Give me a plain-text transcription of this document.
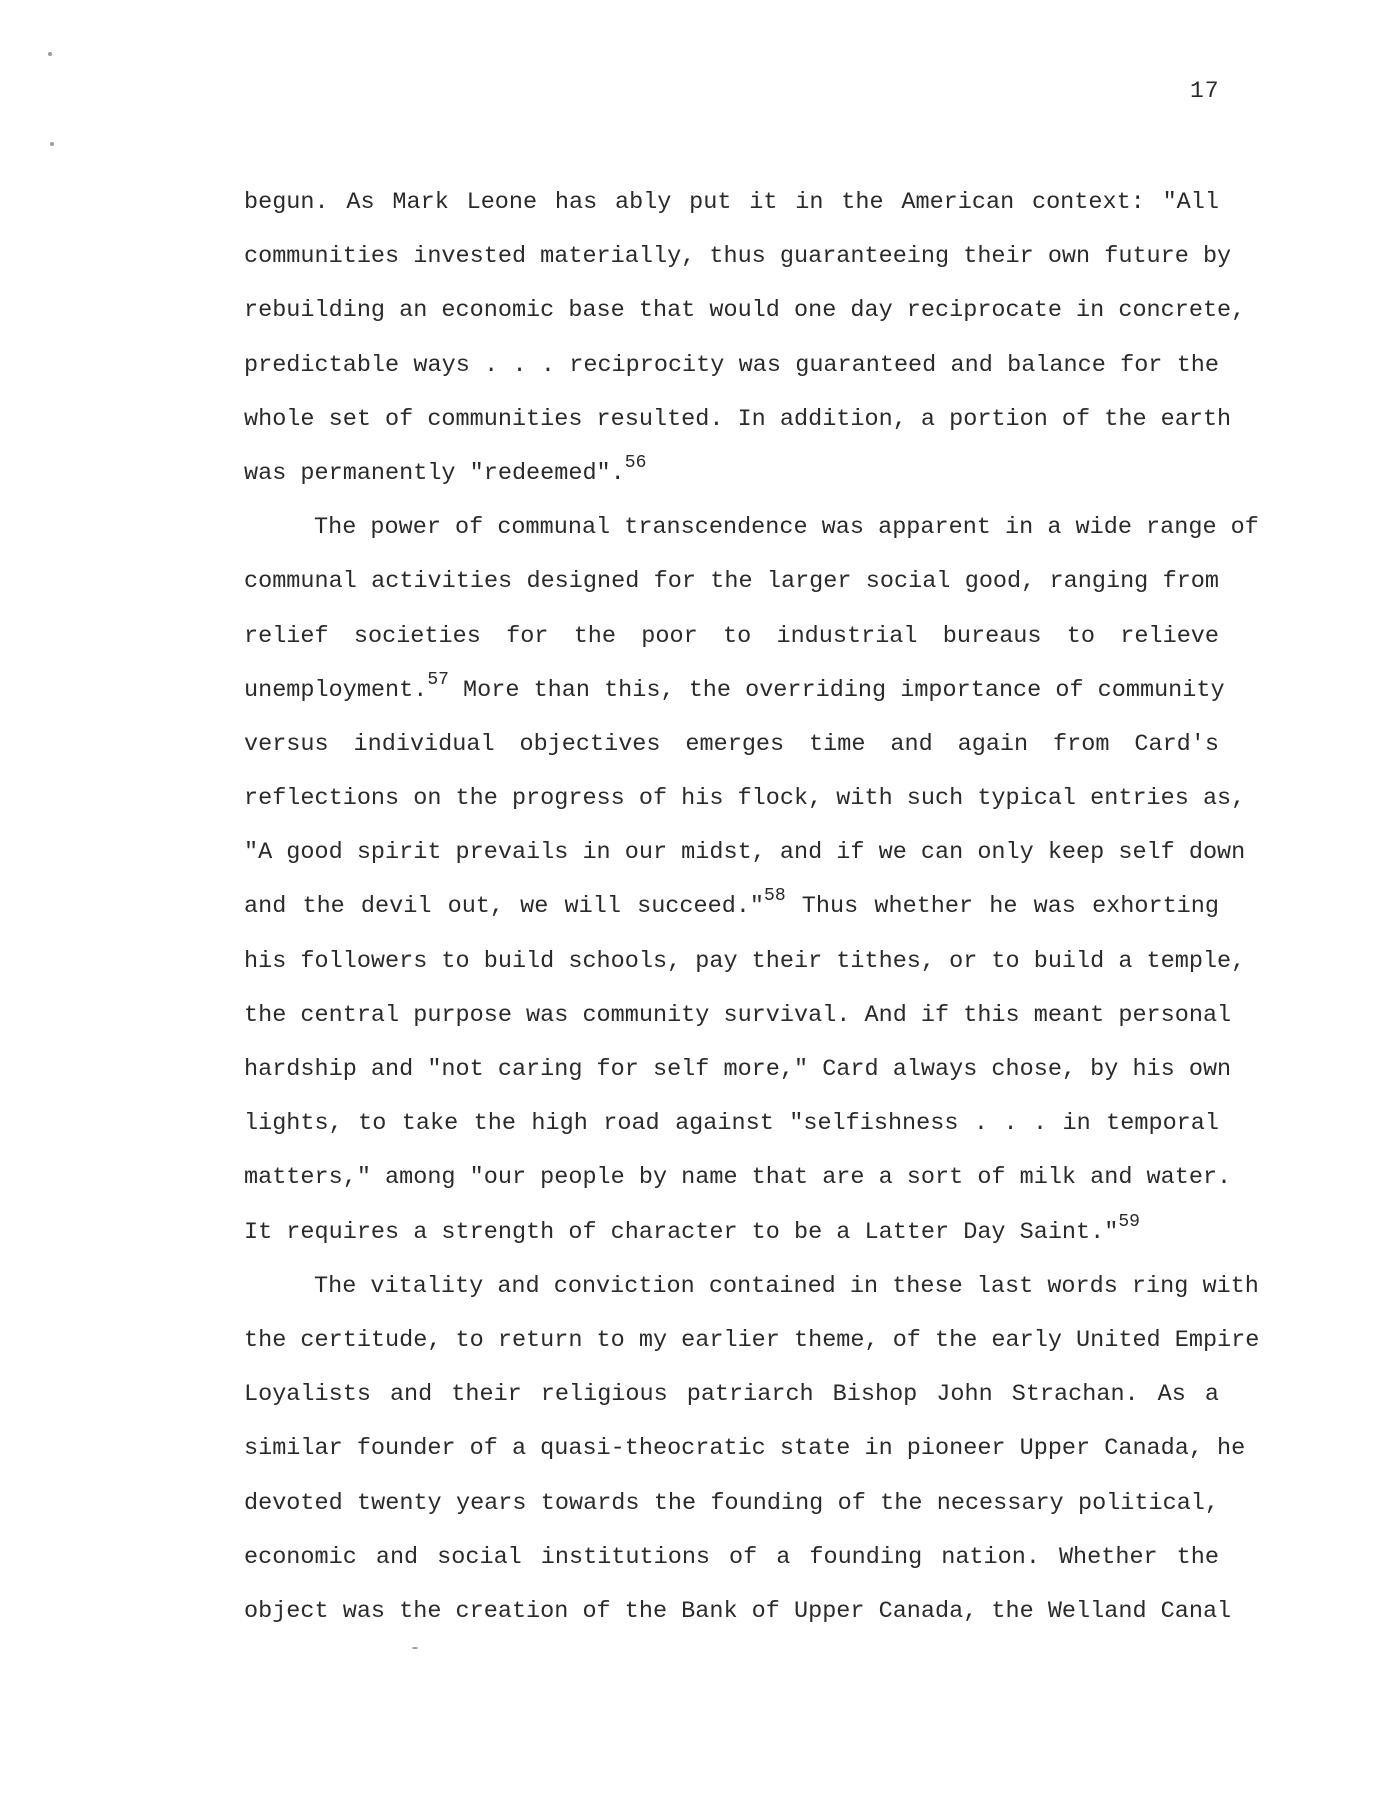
17
begun. As Mark Leone has ably put it in the American context: "All
communities invested materially, thus guaranteeing their own future by
rebuilding an economic base that would one day reciprocate in concrete,
predictable ways . . . reciprocity was guaranteed and balance for the
whole set of communities resulted. In addition, a portion of the earth
was permanently "redeemed".$^{56}$
The power of communal transcendence was apparent in a wide range of
communal activities designed for the larger social good, ranging from
relief societies for the poor to industrial bureaus to relieve
unemployment.$^{57}$ More than this, the overriding importance of community
versus individual objectives emerges time and again from Card's
reflections on the progress of his flock, with such typical entries as,
"A good spirit prevails in our midst, and if we can only keep self down
and the devil out, we will succeed."$^{58}$ Thus whether he was exhorting
his followers to build schools, pay their tithes, or to build a temple,
the central purpose was community survival. And if this meant personal
hardship and "not caring for self more," Card always chose, by his own
lights, to take the high road against "selfishness . . . in temporal
matters," among "our people by name that are a sort of milk and water.
It requires a strength of character to be a Latter Day Saint."$^{59}$
The vitality and conviction contained in these last words ring with
the certitude, to return to my earlier theme, of the early United Empire
Loyalists and their religious patriarch Bishop John Strachan. As a
similar founder of a quasi-theocratic state in pioneer Upper Canada, he
devoted twenty years towards the founding of the necessary political,
economic and social institutions of a founding nation. Whether the
object was the creation of the Bank of Upper Canada, the Welland Canal
